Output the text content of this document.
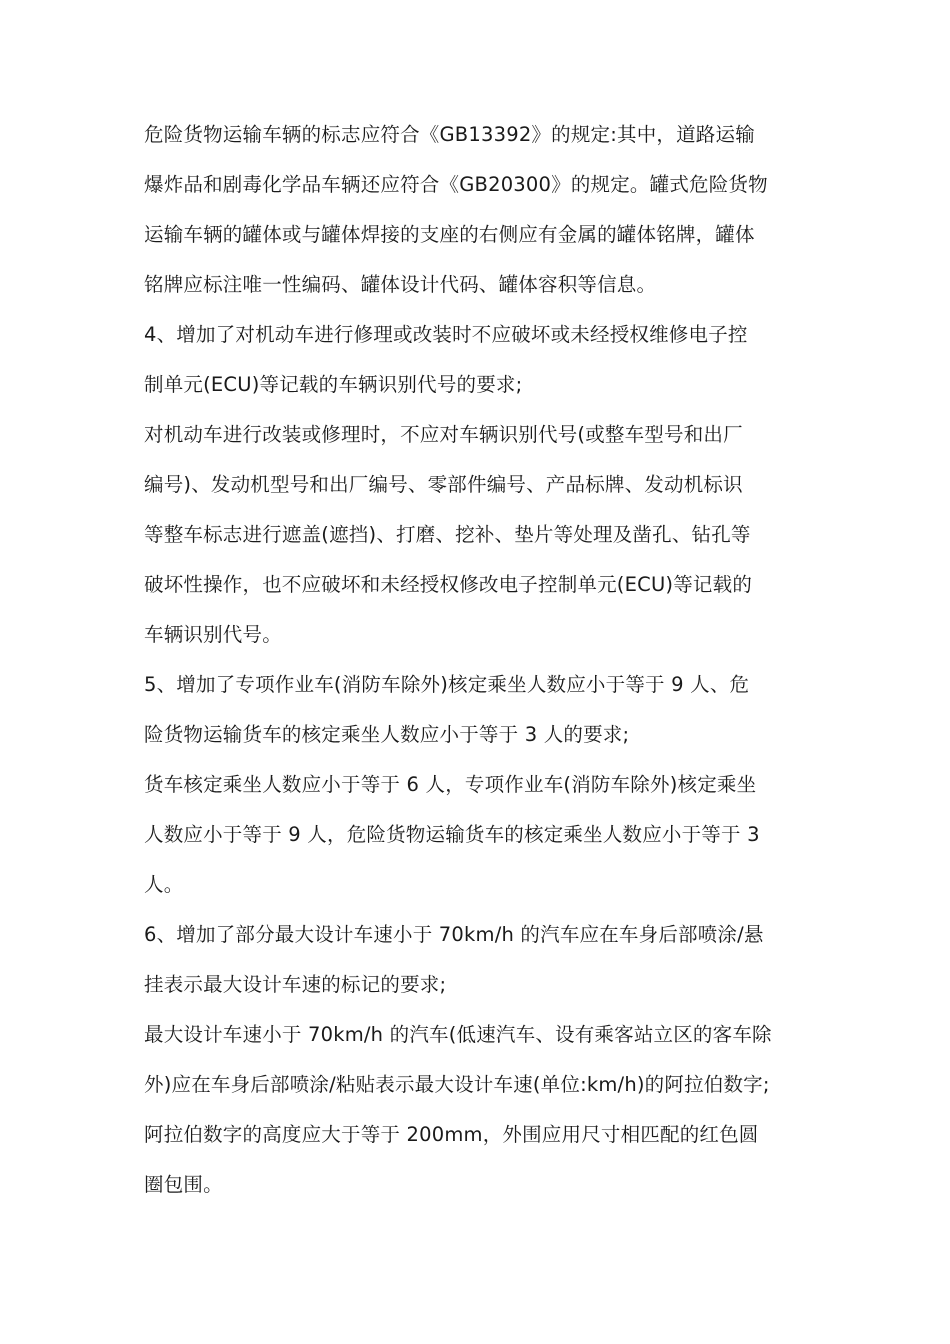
危险货物运输车辆的标志应符合《GB13392》的规定:其中，道路运输
爆炸品和剧毒化学品车辆还应符合《GB20300》的规定。罐式危险货物
运输车辆的罐体或与罐体焊接的支座的右侧应有金属的罐体铭牌，罐体
铭牌应标注唯一性编码、罐体设计代码、罐体容积等信息。
4、增加了对机动车进行修理或改装时不应破坏或未经授权维修电子控
制单元(ECU)等记载的车辆识别代号的要求;
对机动车进行改装或修理时，不应对车辆识别代号(或整车型号和出厂
编号)、发动机型号和出厂编号、零部件编号、产品标牌、发动机标识
等整车标志进行遮盖(遮挡)、打磨、挖补、垫片等处理及凿孔、钻孔等
破坏性操作，也不应破坏和未经授权修改电子控制单元(ECU)等记载的
车辆识别代号。
5、增加了专项作业车(消防车除外)核定乘坐人数应小于等于 9 人、危
险货物运输货车的核定乘坐人数应小于等于 3 人的要求;
货车核定乘坐人数应小于等于 6 人，专项作业车(消防车除外)核定乘坐
人数应小于等于 9 人，危险货物运输货车的核定乘坐人数应小于等于 3
人。
6、增加了部分最大设计车速小于 70km/h 的汽车应在车身后部喷涂/悬
挂表示最大设计车速的标记的要求;
最大设计车速小于 70km/h 的汽车(低速汽车、设有乘客站立区的客车除
外)应在车身后部喷涂/粘贴表示最大设计车速(单位:km/h)的阿拉伯数字;
阿拉伯数字的高度应大于等于 200mm，外围应用尺寸相匹配的红色圆
圈包围。
